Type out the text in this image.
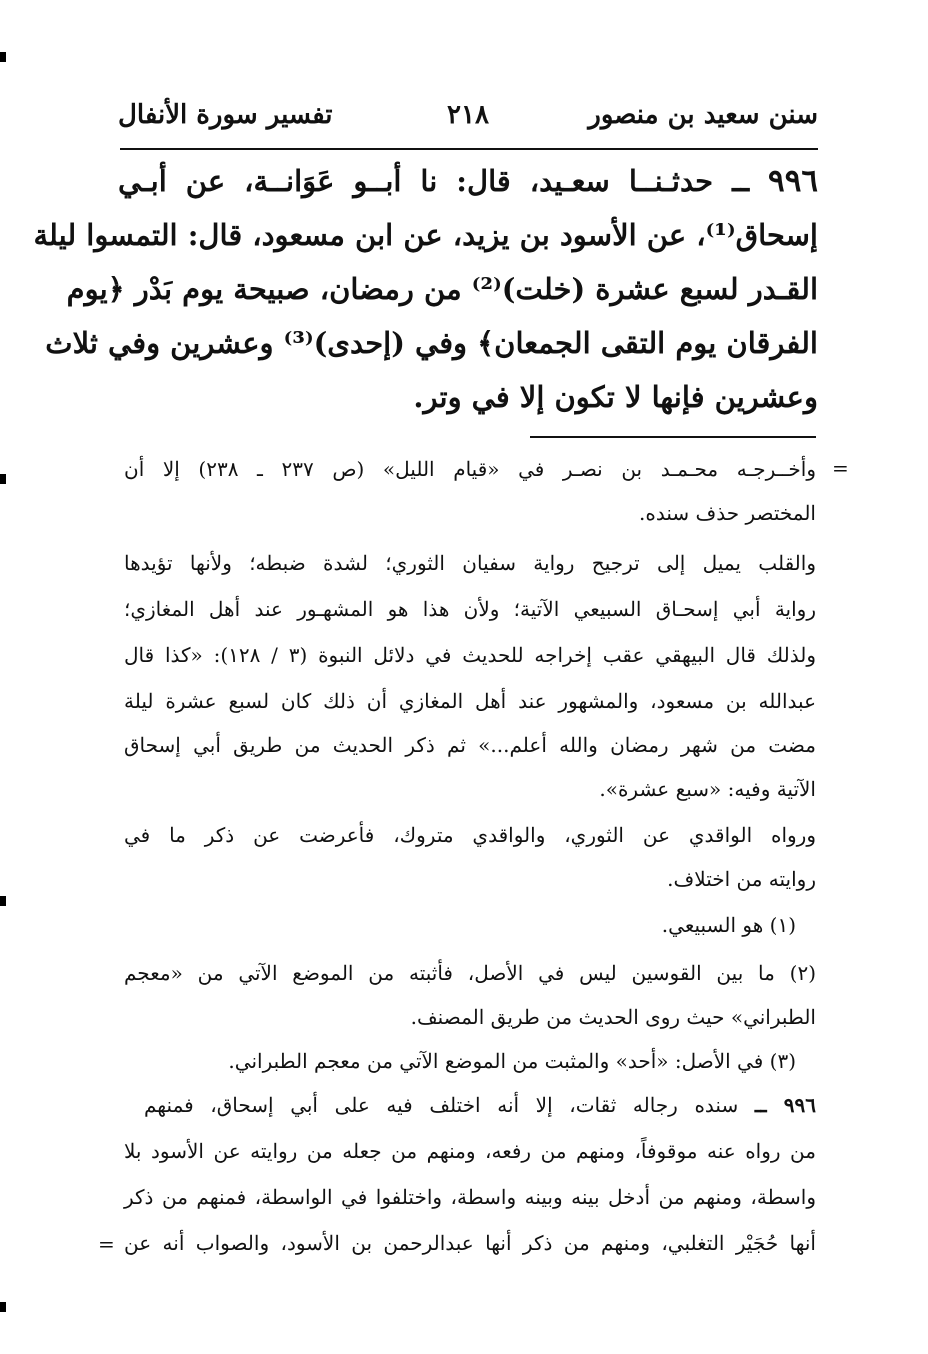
سنن سعيد بن منصور
٢١٨
تفسير سورة الأنفال
٩٩٦ ــ حدثـنــا سعـيد، قال: نا أبــو عَوَانــة، عن أبـي
إسحاق⁽¹⁾، عن الأسود بن يزيد، عن ابن مسعود، قال: التمسوا ليلة
القـدر لسبع عشرة (خلت)⁽²⁾ من رمضان، صبيحة يوم بَدْر ﴿يوم
الفرقان يوم التقى الجمعان﴾ وفي (إحدى)⁽³⁾ وعشرين وفي ثلاث
وعشرين فإنها لا تكون إلا في وتر.
=
وأخــرجـه محـمـد بن نصـر في «قيام الليل» (ص ٢٣٧ ـ ٢٣٨) إلا أن
المختصر حذف سنده.
والقلب يميل إلى ترجيح رواية سفيان الثوري؛ لشدة ضبطه؛ ولأنها تؤيدها
رواية أبي إسحـاق السبيعي الآتية؛ ولأن هذا هو المشهـور عند أهل المغازي؛
ولذلك قال البيهقي عقب إخراجه للحديث في دلائل النبوة (٣ / ١٢٨): «كذا قال
عبدالله بن مسعود، والمشهور عند أهل المغازي أن ذلك كان لسبع عشرة ليلة
مضت من شهر رمضان والله أعلم...» ثم ذكر الحديث من طريق أبي إسحاق
الآتية وفيه: «سبع عشرة».
ورواه الواقدي عن الثوري، والواقدي متروك، فأعرضت عن ذكر ما في
روايته من اختلاف.
(١) هو السبيعي.
(٢) ما بين القوسين ليس في الأصل، فأثبته من الموضع الآتي من «معجم
الطبراني» حيث روى الحديث من طريق المصنف.
(٣) في الأصل: «أحد» والمثبت من الموضع الآتي من معجم الطبراني.
٩٩٦ ــ سنده رجاله ثقات، إلا أنه اختلف فيه على أبي إسحاق، فمنهم
من رواه عنه موقوفاً، ومنهم من رفعه، ومنهم من جعله من روايته عن الأسود بلا
واسطة، ومنهم من أدخل بينه وبينه واسطة، واختلفوا في الواسطة، فمنهم من ذكر
أنها حُجَيْر التغلبي، ومنهم من ذكر أنها عبدالرحمن بن الأسود، والصواب أنه عن
=
